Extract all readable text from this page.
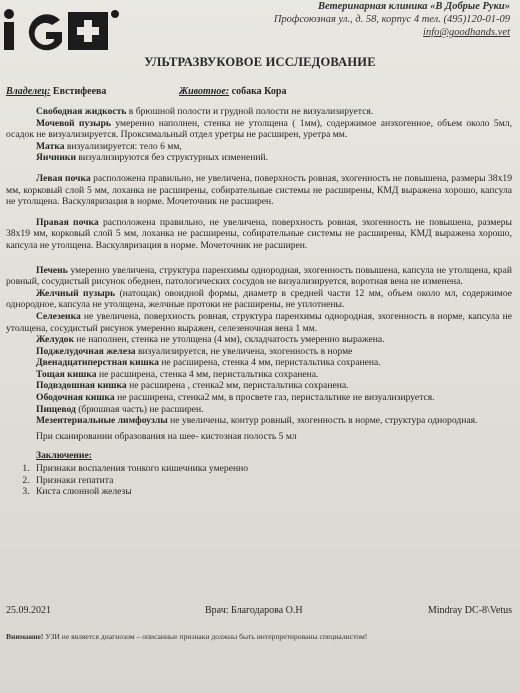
Ветеринарная клиника «В Добрые Руки»
Профсоюзная ул., д. 58, корпус 4 тел. (495)120-01-09
info@goodhands.vet
УЛЬТРАЗВУКОВОЕ ИССЛЕДОВАНИЕ
Владелец: Евстифеева	Животное: собака Кора

Свободная жидкость в брюшной полости и грудной полости не визуализируется.

Мочевой пузырь умеренно наполнен, стенка не утолщена ( 1мм), содержимое анэхогенное, объем около 5мл, осадок не визуализируется. Проксимальный отдел уретры не расширен, уретра мм.

Матка визуализируется: тело 6 мм,

Яичники визуализируются без структурных изменений.

Левая почка расположена правильно, не увеличена, поверхность ровная, эхогенность не повышена, размеры 38х19 мм, корковый слой 5 мм, лоханка не расширены, собирательные системы не расширены, КМД выражена хорошо, капсула не утолщена. Васкуляризация в норме. Мочеточник не расширен.

Правая почка расположена правильно, не увеличена, поверхность ровная, эхогенность не повышена, размеры 38х19 мм, корковый слой 5 мм, лоханка не расширены, собирательные системы не расширены, КМД выражена хорошо, капсула не утолщена. Васкуляризация в норме. Мочеточник не расширен.

Печень умеренно увеличена, структура паренхимы однородная, эхогенность повышена, капсула не утолщена, край ровный, сосудистый рисунок обеднен, патологических сосудов не визуализируется, воротная вена не изменена.

Желчный пузырь (натощак) овоидной формы, диаметр в средней части 12 мм, объем около мл, содержимое однородное, капсула не утолщена, желчные протоки не расширены, не уплотнены.

Селезенка не увеличена, поверхность ровная, структура паренхимы однородная, эхогенность в норме, капсула не утолщена, сосудистый рисунок умеренно выражен, селезеночная вена 1 мм.

Желудок не наполнен, стенка не утолщена (4 мм), складчатость умеренно выражена.

Поджелудочная железа визуализируется, не увеличена, эхогенность в норме

Двенадцатиперстная кишка не расширена, стенка 4 мм, перистальтика сохранена.

Тощая кишка не расширена, стенка 4 мм, перистальтика сохранена.

Подвздошная кишка не расширена , стенка2 мм, перистальтика сохранена.

Ободочная кишка не расширена, стенка2 мм, в просвете газ, перистальтике не визуализируется.

Пищевод (брюшная часть) не расширен.

Мезентериальные лимфоузлы не увеличены, контур ровный, эхогенность в норме, структура однородная.

При сканировании образования на шее- кистозная полость 5 мл

Заключение:
1. Признаки воспаления тонкого кишечника умеренно
2. Признаки гепатита
3. Киста слюнной железы
25.09.2021	Врач: Благодарова О.Н	Mindray DC-8\Vetus
Внимание! УЗИ не является диагнозом – описанные признаки должны быть интерпретированы специалистом!
